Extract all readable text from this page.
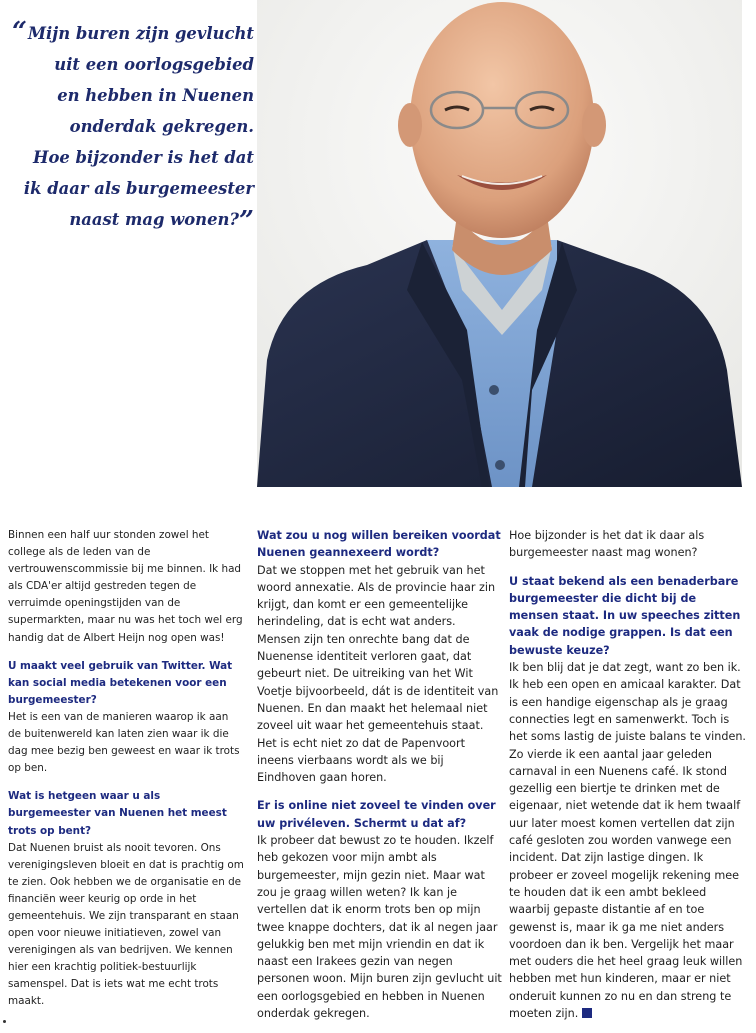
“ Mijn buren zijn gevlucht
uit een oorlogsgebied
en hebben in Nuenen
onderdak gekregen.
Hoe bijzonder is het dat
ik daar als burgemeester
naast mag wonen?”

Binnen een half uur stonden zowel het college als de leden van de vertrouwenscommissie bij me binnen. Ik had als CDA'er altijd gestreden tegen de verruimde openingstijden van de supermarkten, maar nu was het toch wel erg handig dat de Albert Heijn nog open was!

U maakt veel gebruik van Twitter. Wat kan social media betekenen voor een burgemeester?

Het is een van de manieren waarop ik aan de buitenwereld kan laten zien waar ik die dag mee bezig ben geweest en waar ik trots op ben.

Wat is hetgeen waar u als burgemeester van Nuenen het meest trots op bent?

Dat Nuenen bruist als nooit tevoren. Ons verenigingsleven bloeit en dat is prachtig om te zien. Ook hebben we de organisatie en de financiën weer keurig op orde in het gemeentehuis. We zijn transparant en staan open voor nieuwe initiatieven, zowel van verenigingen als van bedrijven. We kennen hier een krachtig politiek-bestuurlijk samenspel. Dat is iets wat me echt trots maakt.

Wat zou u nog willen bereiken voordat Nuenen geannexeerd wordt?

Dat we stoppen met het gebruik van het woord annexatie. Als de provincie haar zin krijgt, dan komt er een gemeentelijke herindeling, dat is echt wat anders. Mensen zijn ten onrechte bang dat de Nuenense identiteit verloren gaat, dat gebeurt niet. De uitreiking van het Wit Voetje bijvoorbeeld, dát is de identiteit van Nuenen. En dan maakt het helemaal niet zoveel uit waar het gemeentehuis staat. Het is echt niet zo dat de Papenvoort ineens vierbaans wordt als we bij Eindhoven gaan horen.

Er is online niet zoveel te vinden over uw privéleven. Schermt u dat af?

Ik probeer dat bewust zo te houden. Ikzelf heb gekozen voor mijn ambt als burgemeester, mijn gezin niet. Maar wat zou je graag willen weten? Ik kan je vertellen dat ik enorm trots ben op mijn twee knappe dochters, dat ik al negen jaar gelukkig ben met mijn vriendin en dat ik naast een Irakees gezin van negen personen woon. Mijn buren zijn gevlucht uit een oorlogsgebied en hebben in Nuenen onderdak gekregen.

Hoe bijzonder is het dat ik daar als burgemeester naast mag wonen?

U staat bekend als een benaderbare burgemeester die dicht bij de mensen staat. In uw speeches zitten vaak de nodige grappen. Is dat een bewuste keuze?

Ik ben blij dat je dat zegt, want zo ben ik. Ik heb een open en amicaal karakter. Dat is een handige eigenschap als je graag connecties legt en samenwerkt. Toch is het soms lastig de juiste balans te vinden. Zo vierde ik een aantal jaar geleden carnaval in een Nuenens café. Ik stond gezellig een biertje te drinken met de eigenaar, niet wetende dat ik hem twaalf uur later moest komen vertellen dat zijn café gesloten zou worden vanwege een incident. Dat zijn lastige dingen. Ik probeer er zoveel mogelijk rekening mee te houden dat ik een ambt bekleed waarbij gepaste distantie af en toe gewenst is, maar ik ga me niet anders voordoen dan ik ben. Vergelijk het maar met ouders die het heel graag leuk willen hebben met hun kinderen, maar er niet onderuit kunnen zo nu en dan streng te moeten zijn.
